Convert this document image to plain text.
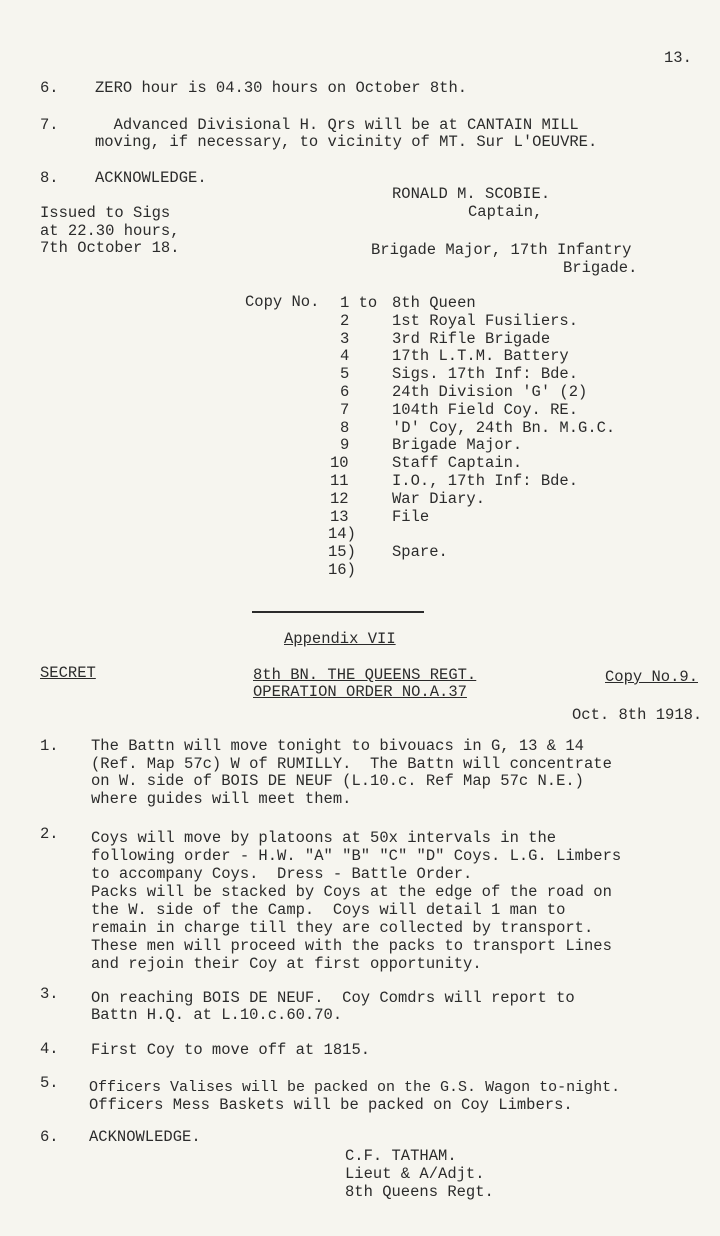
13.
6. ZERO hour is 04.30 hours on October 8th.
7. Advanced Divisional H. Qrs will be at CANTAIN MILL
moving, if necessary, to vicinity of MT. Sur L'OEUVRE.
8. ACKNOWLEDGE.
RONALD M. SCOBIE.
Captain,
Brigade Major, 17th Infantry
Brigade.
Issued to Sigs
at 22.30 hours,
7th October 18.
Copy No. 1 to 8th Queen
2	1st Royal Fusiliers.
3	3rd Rifle Brigade
4	17th L.T.M. Battery
5	Sigs. 17th Inf: Bde.
6	24th Division 'G' (2)
7	104th Field Coy. RE.
8	'D' Coy, 24th Bn. M.G.C.
9	Brigade Major.
10	Staff Captain.
11	I.O., 17th Inf: Bde.
12	War Diary.
13	File
14)
15)	Spare.
16)
Appendix VII
SECRET	8th BN. THE QUEENS REGT.
OPERATION ORDER NO.A.37
Copy No.9.
Oct. 8th 1918.
1. The Battn will move tonight to bivouacs in G, 13 & 14
(Ref. Map 57c) W of RUMILLY.  The Battn will concentrate
on W. side of BOIS DE NEUF (L.10.c. Ref Map 57c N.E.)
where guides will meet them.
2. Coys will move by platoons at 50x intervals in the
following order - H.W. "A" "B" "C" "D" Coys. L.G. Limbers
to accompany Coys.  Dress - Battle Order.
Packs will be stacked by Coys at the edge of the road on
the W. side of the Camp.  Coys will detail 1 man to
remain in charge till they are collected by transport.
These men will proceed with the packs to transport Lines
and rejoin their Coy at first opportunity.
3. On reaching BOIS DE NEUF.  Coy Comdrs will report to
Battn H.Q. at L.10.c.60.70.
4. First Coy to move off at 1815.
5. Officers Valises will be packed on the G.S. Wagon to-night.
Officers Mess Baskets will be packed on Coy Limbers.
6. ACKNOWLEDGE.
C.F. TATHAM.
Lieut & A/Adjt.
8th Queens Regt.
